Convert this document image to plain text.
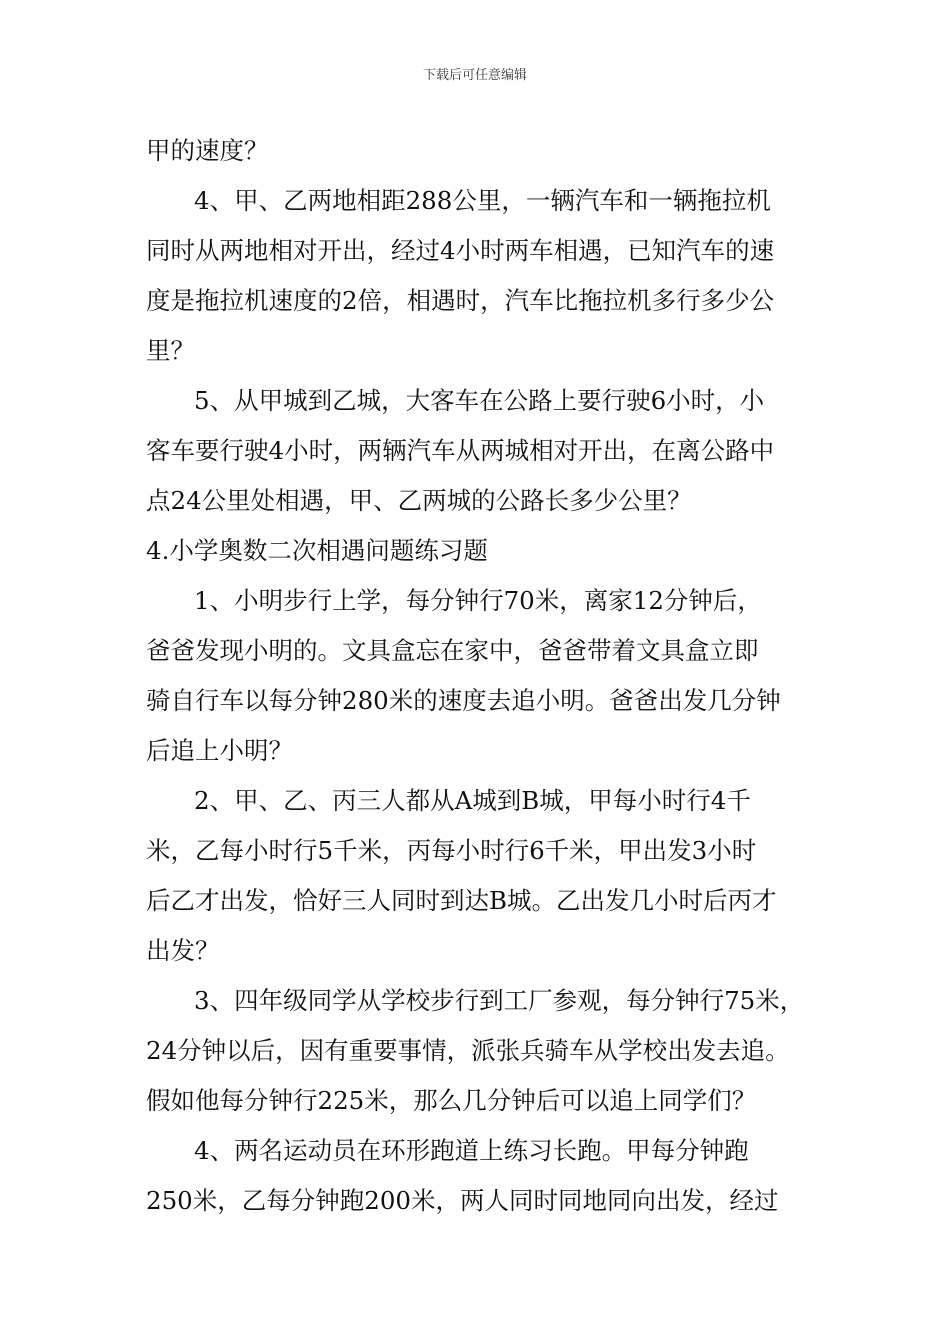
下载后可任意编辑
甲的速度？
4、甲、乙两地相距288公里，一辆汽车和一辆拖拉机
同时从两地相对开出，经过4小时两车相遇，已知汽车的速
度是拖拉机速度的2倍，相遇时，汽车比拖拉机多行多少公
里？
5、从甲城到乙城，大客车在公路上要行驶6小时，小
客车要行驶4小时，两辆汽车从两城相对开出，在离公路中
点24公里处相遇，甲、乙两城的公路长多少公里？
4.小学奥数二次相遇问题练习题
1、小明步行上学，每分钟行70米，离家12分钟后，
爸爸发现小明的。文具盒忘在家中，爸爸带着文具盒立即
骑自行车以每分钟280米的速度去追小明。爸爸出发几分钟
后追上小明？
2、甲、乙、丙三人都从A城到B城，甲每小时行4千
米，乙每小时行5千米，丙每小时行6千米，甲出发3小时
后乙才出发，恰好三人同时到达B城。乙出发几小时后丙才
出发？
3、四年级同学从学校步行到工厂参观，每分钟行75米，
24分钟以后，因有重要事情，派张兵骑车从学校出发去追。
假如他每分钟行225米，那么几分钟后可以追上同学们？
4、两名运动员在环形跑道上练习长跑。甲每分钟跑
250米，乙每分钟跑200米，两人同时同地同向出发，经过
